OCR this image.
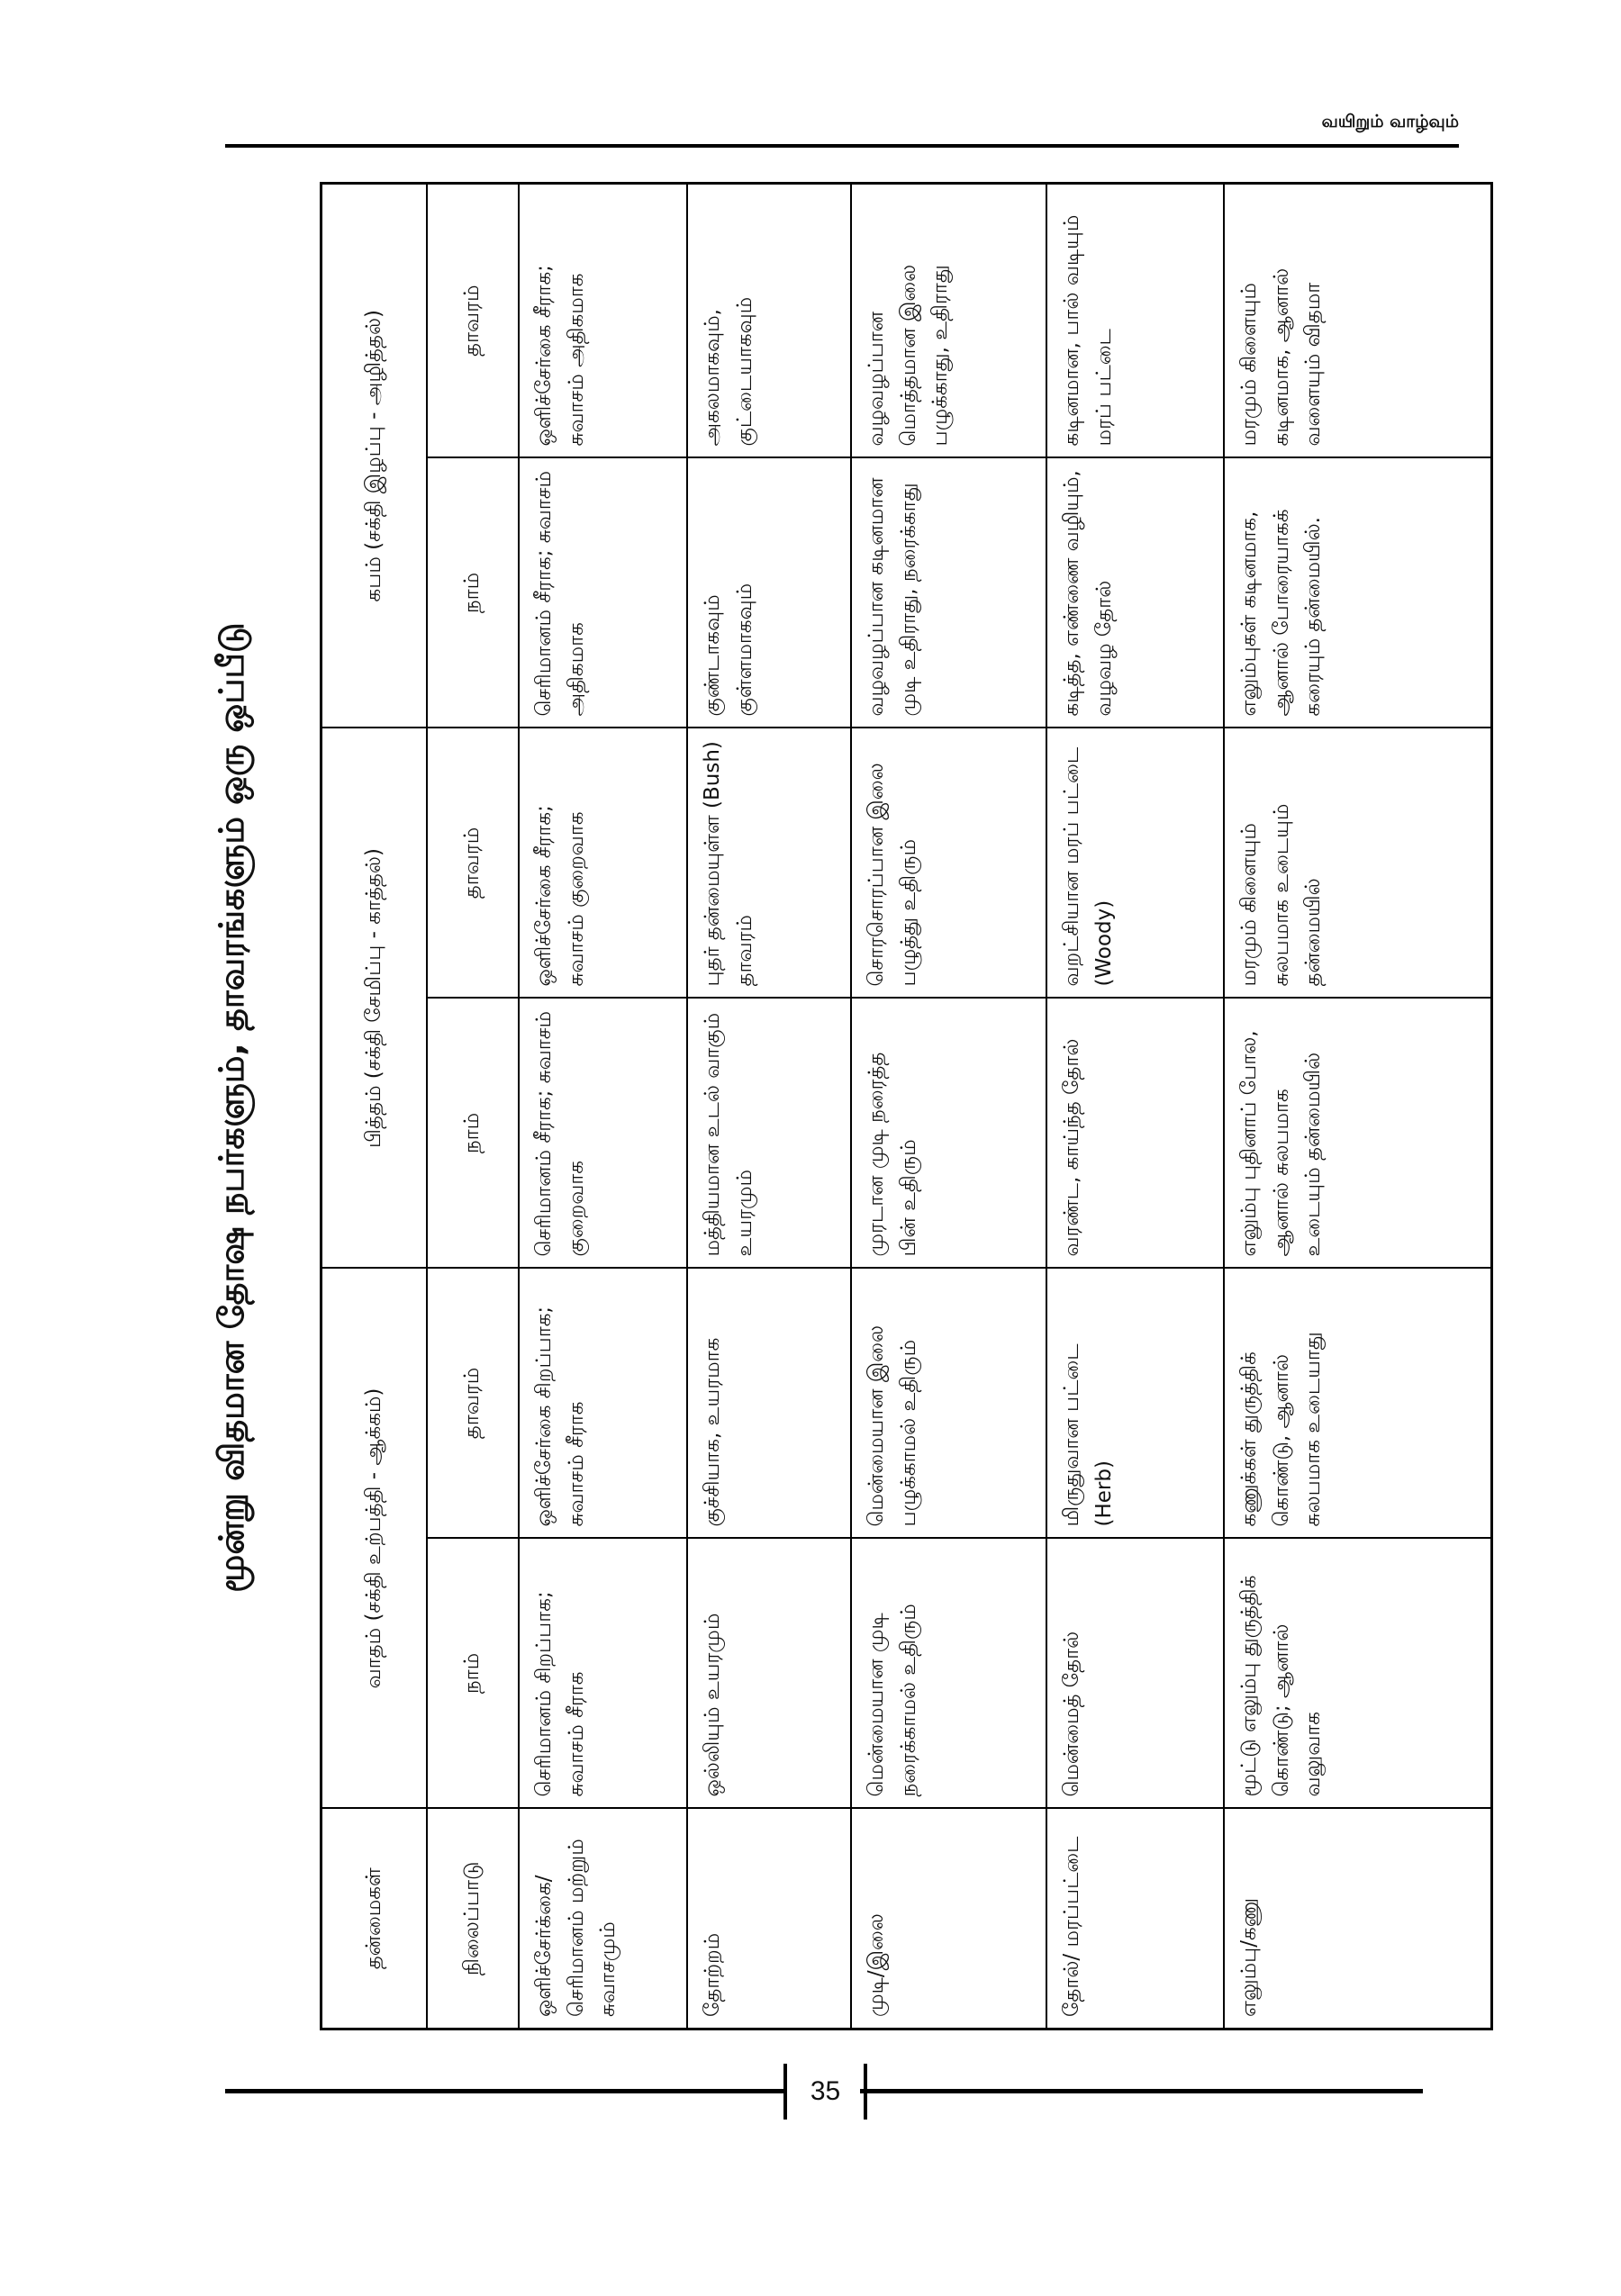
வயிறும் வாழ்வும்
மூன்று விதமான தோஷ நபர்களும், தாவரங்களும் ஒரு ஒப்பீடு
தன்மைகள்	வாதம் (சக்தி உற்பத்தி - ஆக்கம்)		பித்தம் (சக்தி சேமிப்பு - காத்தல்)		கபம் (சக்தி இழப்பு - அழித்தல்)	
நிலைப்பாடு	நாம்	தாவரம்	நாம்	தாவரம்	நாம்	தாவரம்
ஒளிச்சேர்க்கை/ செரிமானம் மற்றும் சுவாசமும்	செரிமானம் சிறப்பாக; சுவாசம் சீராக	ஒளிச்சேர்கை சிறப்பாக; சுவாசம் சீராக	செரிமானம் சீராக; சுவாசம் குறைவாக	ஒளிச்சேர்கை சீராக; சுவாசம் குறைவாக	செரிமானம் சீராக; சுவாசம் அதிகமாக	ஒளிச்சேர்கை சீராக; சுவாசம் அதிகமாக
தோற்றம்	ஒல்லியும் உயரமும்	குச்சியாக, உயரமாக	மத்தியமான உடல் வாகும் உயரமும்	புதர் தன்மையுள்ள (Bush) தாவரம்	குண்டாகவும் குள்ளமாகவும்	அகலமாகவும், குட்டையாகவும்
முடி/இலை	மென்மையான முடி நரைக்காமல் உதிரும்	மென்மையான இலை பழுக்காமல் உதிரும்	முரடான முடி நரைத்த பின் உதிரும்	சொரசொரப்பான இலை பழுத்து உதிரும்	வழவழப்பான கடினமான முடி உதிராது, நரைக்காது	வழவழப்பான மொத்தமான இலை பழுக்காது, உதிராது
தோல்/ மரப்பட்டை	மென்மைத் தோல்	மிருதுவான பட்டை (Herb)	வரண்ட, காய்ந்த தோல்	வறட்சியான மரப் பட்டை (Woody)	கடித்த, எண்ணை வழியும், வழவழ தோல்	கடினமான, பால் வடியும் மரப் பட்டை
எலும்பு/கணு	மூட்டு எலும்பு துருத்திக் கொண்டு; ஆனால் வலுவாக	கணுக்கள் துருத்திக் கொண்டு, ஆனால் சுலபமாக உடையாது	எலும்பு புதினாப் போல, ஆனால் சுலபமாக உடையும் தன்மையில்	மரமும் கிளையும் சுலபமாக உடையும் தன்மையில்	எலும்புகள் கடினமாக, ஆனால் போரையாகக் கரையும் தன்மையில்.	மரமும் கிளையும் கடினமாக, ஆனால் வளையும் விதமா
35
